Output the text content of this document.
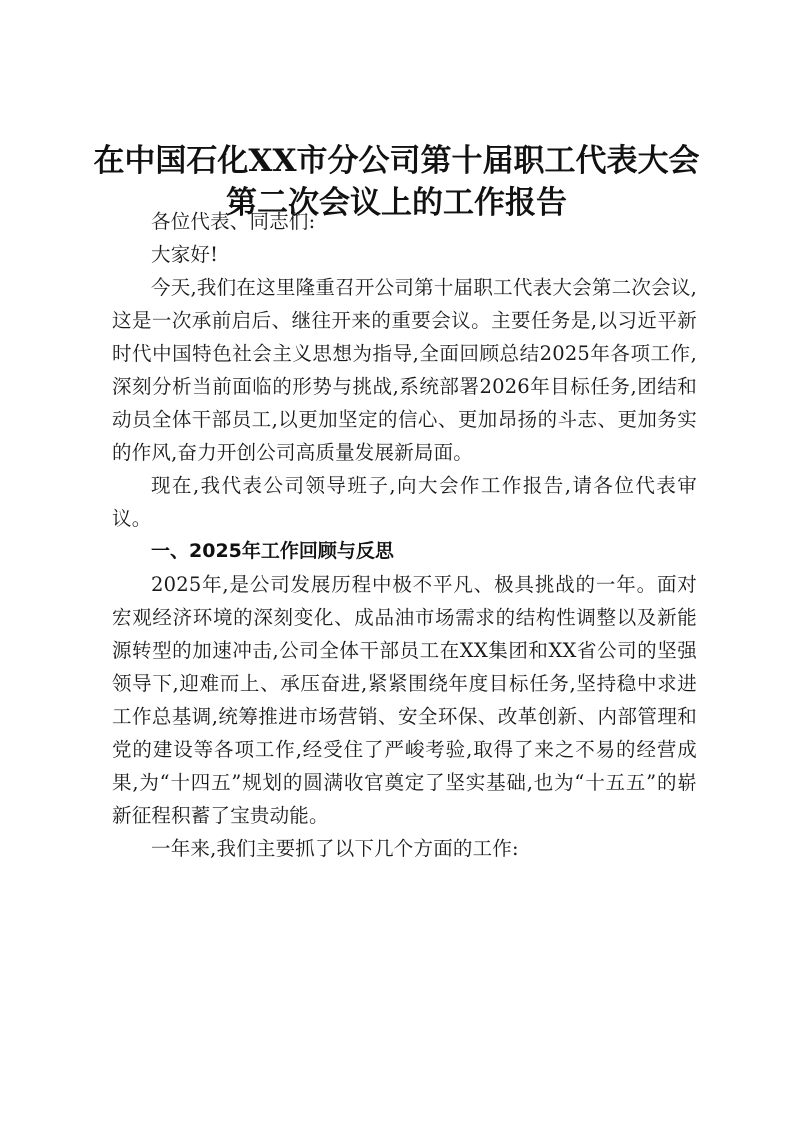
在中国石化XX市分公司第十届职工代表大会
第二次会议上的工作报告

各位代表、同志们:

大家好!

今天,我们在这里隆重召开公司第十届职工代表大会第二次会议,这是一次承前启后、继往开来的重要会议。主要任务是,以习近平新时代中国特色社会主义思想为指导,全面回顾总结2025年各项工作,深刻分析当前面临的形势与挑战,系统部署2026年目标任务,团结和动员全体干部员工,以更加坚定的信心、更加昂扬的斗志、更加务实的作风,奋力开创公司高质量发展新局面。

现在,我代表公司领导班子,向大会作工作报告,请各位代表审议。

一、2025年工作回顾与反思

2025年,是公司发展历程中极不平凡、极具挑战的一年。面对宏观经济环境的深刻变化、成品油市场需求的结构性调整以及新能源转型的加速冲击,公司全体干部员工在XX集团和XX省公司的坚强领导下,迎难而上、承压奋进,紧紧围绕年度目标任务,坚持稳中求进工作总基调,统筹推进市场营销、安全环保、改革创新、内部管理和党的建设等各项工作,经受住了严峻考验,取得了来之不易的经营成果,为“十四五”规划的圆满收官奠定了坚实基础,也为“十五五”的崭新征程积蓄了宝贵动能。

一年来,我们主要抓了以下几个方面的工作:
